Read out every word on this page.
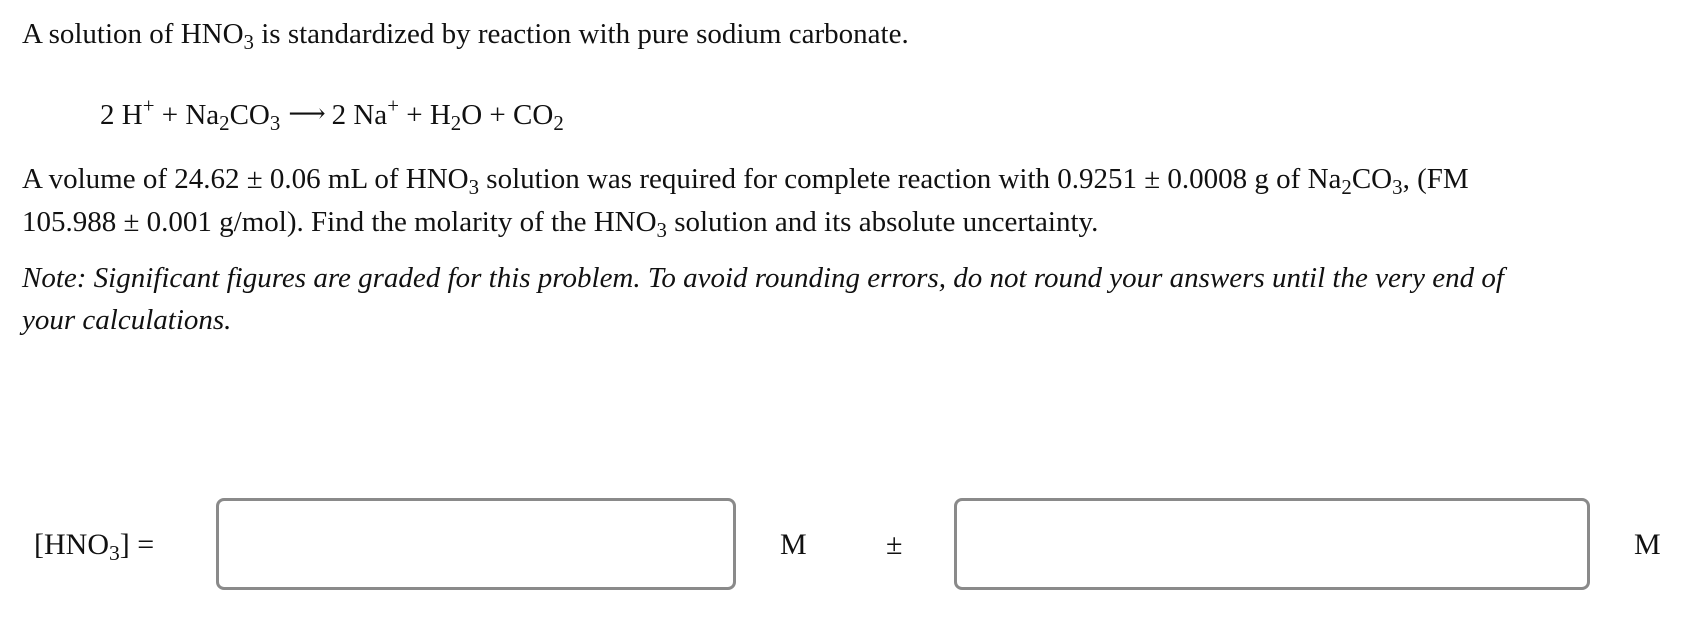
A solution of $HNO_3$ is standardized by reaction with pure sodium carbonate.
2 $H^+ + Na_2CO_3$ ⟶ 2 $Na^+ + H_2O + CO_2$
A volume of 24.62 ± 0.06 mL of $HNO_3$ solution was required for complete reaction with 0.9251 ± 0.0008 g of $Na_2CO_3$, (FM
105.988 ± 0.001 g/mol). Find the molarity of the $HNO_3$ solution and its absolute uncertainty.
Note: Significant figures are graded for this problem. To avoid rounding errors, do not round your answers until the very end of
your calculations.
$[HNO_3]$ =	M	±	M
